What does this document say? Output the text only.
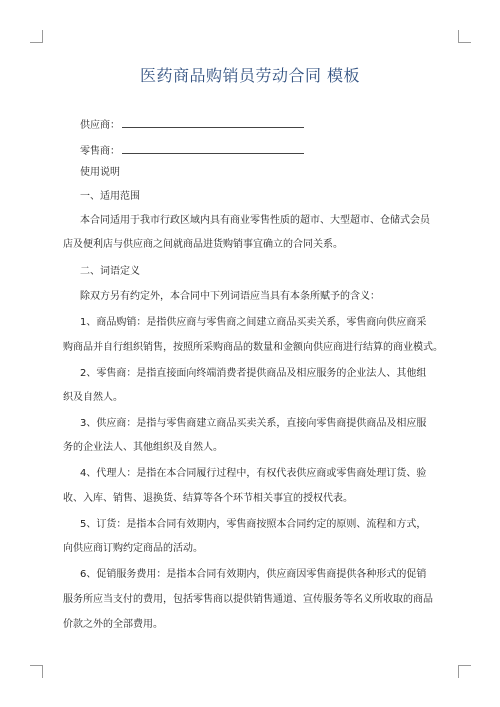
医药商品购销员劳动合同 模板
供应商：
零售商：
使用说明
一、适用范围
本合同适用于我市行政区域内具有商业零售性质的超市、大型超市、仓储式会员
店及便利店与供应商之间就商品进货购销事宜确立的合同关系。
二、词语定义
除双方另有约定外，本合同中下列词语应当具有本条所赋予的含义：
1、商品购销：是指供应商与零售商之间建立商品买卖关系，零售商向供应商采
购商品并自行组织销售，按照所采购商品的数量和金额向供应商进行结算的商业模式。
2、零售商：是指直接面向终端消费者提供商品及相应服务的企业法人、其他组
织及自然人。
3、供应商：是指与零售商建立商品买卖关系，直接向零售商提供商品及相应服
务的企业法人、其他组织及自然人。
4、代理人：是指在本合同履行过程中，有权代表供应商或零售商处理订货、验
收、入库、销售、退换货、结算等各个环节相关事宜的授权代表。
5、订货：是指本合同有效期内，零售商按照本合同约定的原则、流程和方式，
向供应商订购约定商品的活动。
6、促销服务费用：是指本合同有效期内，供应商因零售商提供各种形式的促销
服务所应当支付的费用，包括零售商以提供销售通道、宣传服务等名义所收取的商品
价款之外的全部费用。
